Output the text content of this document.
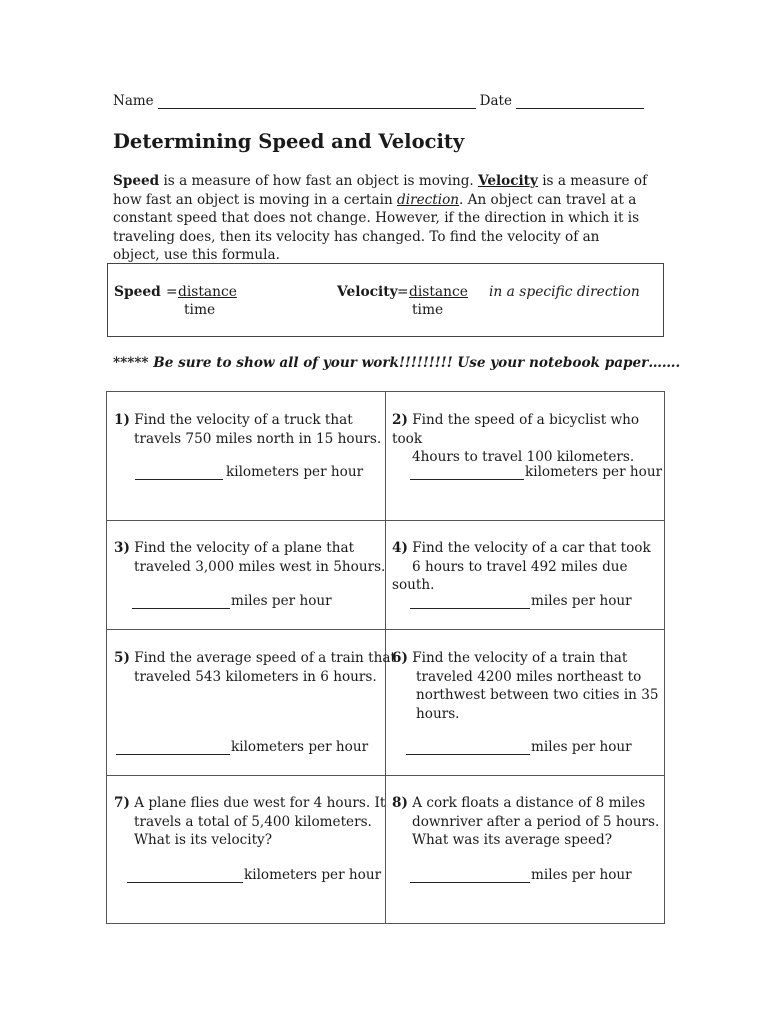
Name	Date
Determining Speed and Velocity
Speed is a measure of how fast an object is moving. Velocity is a measure of how fast an object is moving in a certain direction. An object can travel at a constant speed that does not change. However, if the direction in which it is traveling does, then its velocity has changed. To find the velocity of an object, use this formula.
Speed = distance
time
Velocity = distance
time
in a specific direction
***** Be sure to show all of your work!!!!!!!!! Use your notebook paper…….
1) Find the velocity of a truck that
travels 750 miles north in 15 hours.
kilometers per hour
2) Find the speed of a bicyclist who took
4hours to travel 100 kilometers.
kilometers per hour
3) Find the velocity of a plane that
traveled 3,000 miles west in 5hours.
miles per hour
4) Find the velocity of a car that took
6 hours to travel 492 miles due south.
miles per hour
5) Find the average speed of a train that
traveled 543 kilometers in 6 hours.
kilometers per hour
6) Find the velocity of a train that
traveled 4200 miles northeast to
northwest between two cities in 35
hours.
miles per hour
7) A plane flies due west for 4 hours. It
travels a total of 5,400 kilometers.
What is its velocity?
kilometers per hour
8) A cork floats a distance of 8 miles
downriver after a period of 5 hours.
What was its average speed?
miles per hour
